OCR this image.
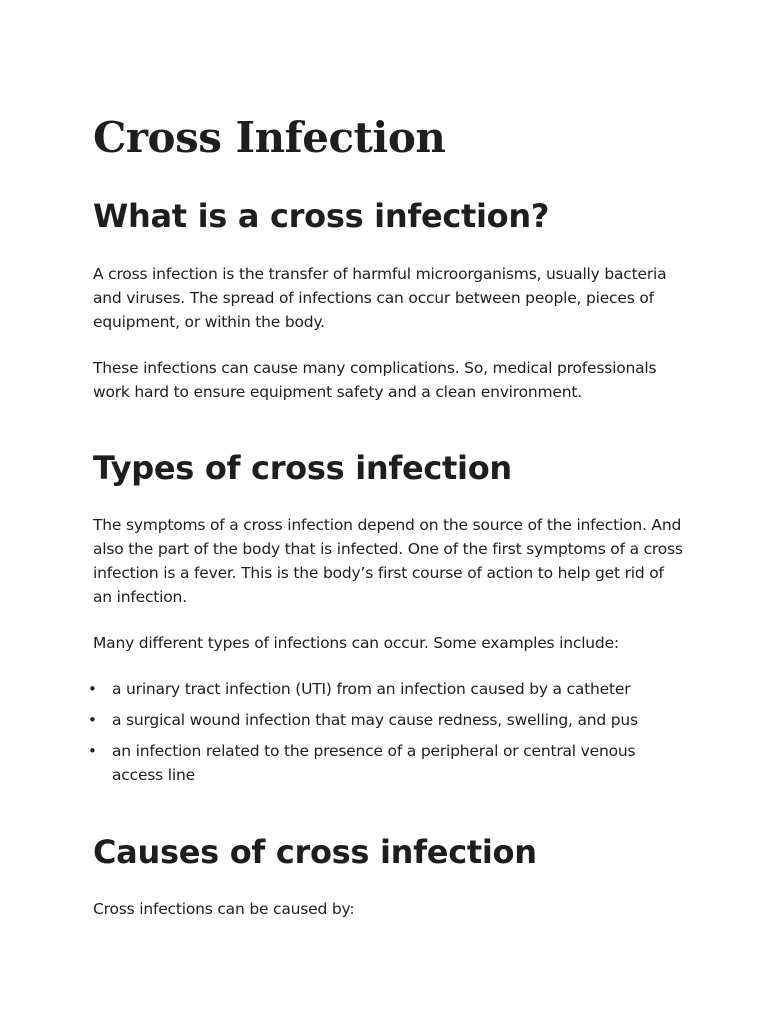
Cross Infection
What is a cross infection?

A cross infection is the transfer of harmful microorganisms, usually bacteria and viruses. The spread of infections can occur between people, pieces of equipment, or within the body.

These infections can cause many complications. So, medical professionals work hard to ensure equipment safety and a clean environment.

Types of cross infection

The symptoms of a cross infection depend on the source of the infection. And also the part of the body that is infected. One of the first symptoms of a cross infection is a fever. This is the body’s first course of action to help get rid of an infection.

Many different types of infections can occur. Some examples include:

• a urinary tract infection (UTI) from an infection caused by a catheter
• a surgical wound infection that may cause redness, swelling, and pus
• an infection related to the presence of a peripheral or central venous access line
Causes of cross infection

Cross infections can be caused by:
